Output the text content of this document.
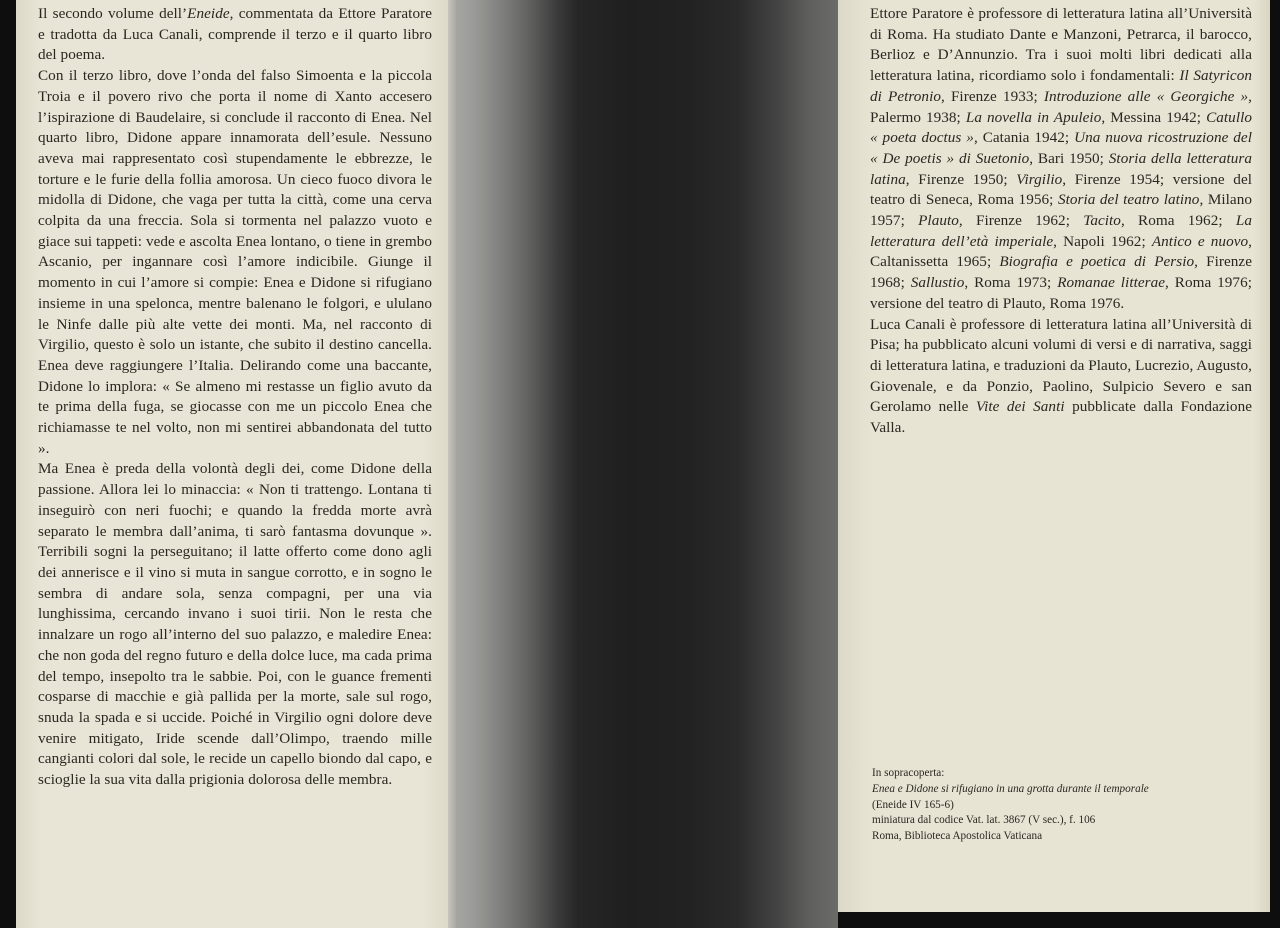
Il secondo volume dell’Eneide, commentata da Ettore Paratore e tradotta da Luca Canali, comprende il terzo e il quarto libro del poema.

Con il terzo libro, dove l’onda del falso Simoenta e la piccola Troia e il povero rivo che porta il nome di Xanto accesero l’ispirazione di Baudelaire, si conclude il racconto di Enea. Nel quarto libro, Didone appare innamorata dell’esule. Nessuno aveva mai rappresentato così stupendamente le ebbrezze, le torture e le furie della follia amorosa. Un cieco fuoco divora le midolla di Didone, che vaga per tutta la città, come una cerva colpita da una freccia. Sola si tormenta nel palazzo vuoto e giace sui tappeti: vede e ascolta Enea lontano, o tiene in grembo Ascanio, per ingannare così l’amore indicibile. Giunge il momento in cui l’amore si compie: Enea e Didone si rifugiano insieme in una spelonca, mentre balenano le folgori, e ululano le Ninfe dalle più alte vette dei monti. Ma, nel racconto di Virgilio, questo è solo un istante, che subito il destino cancella. Enea deve raggiungere l’Italia. Delirando come una baccante, Didone lo implora: « Se almeno mi restasse un figlio avuto da te prima della fuga, se giocasse con me un piccolo Enea che richiamasse te nel volto, non mi sentirei abbandonata del tutto ».

Ma Enea è preda della volontà degli dei, come Didone della passione. Allora lei lo minaccia: « Non ti trattengo. Lontana ti inseguirò con neri fuochi; e quando la fredda morte avrà separato le membra dall’anima, ti sarò fantasma dovunque ». Terribili sogni la perseguitano; il latte offerto come dono agli dei annerisce e il vino si muta in sangue corrotto, e in sogno le sembra di andare sola, senza compagni, per una via lunghissima, cercando invano i suoi tirii. Non le resta che innalzare un rogo all’interno del suo palazzo, e maledire Enea: che non goda del regno futuro e della dolce luce, ma cada prima del tempo, insepolto tra le sabbie. Poi, con le guance frementi cosparse di macchie e già pallida per la morte, sale sul rogo, snuda la spada e si uccide. Poiché in Virgilio ogni dolore deve venire mitigato, Iride scende dall’Olimpo, traendo mille cangianti colori dal sole, le recide un capello biondo dal capo, e scioglie la sua vita dalla prigionia dolorosa delle membra.

Ettore Paratore è professore di letteratura latina all’Università di Roma. Ha studiato Dante e Manzoni, Petrarca, il barocco, Berlioz e D’Annunzio. Tra i suoi molti libri dedicati alla letteratura latina, ricordiamo solo i fondamentali: Il Satyricon di Petronio, Firenze 1933; Introduzione alle « Georgiche », Palermo 1938; La novella in Apuleio, Messina 1942; Catullo « poeta doctus », Catania 1942; Una nuova ricostruzione del « De poetis » di Suetonio, Bari 1950; Storia della letteratura latina, Firenze 1950; Virgilio, Firenze 1954; versione del teatro di Seneca, Roma 1956; Storia del teatro latino, Milano 1957; Plauto, Firenze 1962; Tacito, Roma 1962; La letteratura dell’età imperiale, Napoli 1962; Antico e nuovo, Caltanissetta 1965; Biografia e poetica di Persio, Firenze 1968; Sallustio, Roma 1973; Romanae litterae, Roma 1976; versione del teatro di Plauto, Roma 1976.

Luca Canali è professore di letteratura latina all’Università di Pisa; ha pubblicato alcuni volumi di versi e di narrativa, saggi di letteratura latina, e traduzioni da Plauto, Lucrezio, Augusto, Giovenale, e da Ponzio, Paolino, Sulpicio Severo e san Gerolamo nelle Vite dei Santi pubblicate dalla Fondazione Valla.

In sopracoperta:
Enea e Didone si rifugiano in una grotta durante il temporale
(Eneide IV 165-6)
miniatura dal codice Vat. lat. 3867 (V sec.), f. 106
Roma, Biblioteca Apostolica Vaticana
